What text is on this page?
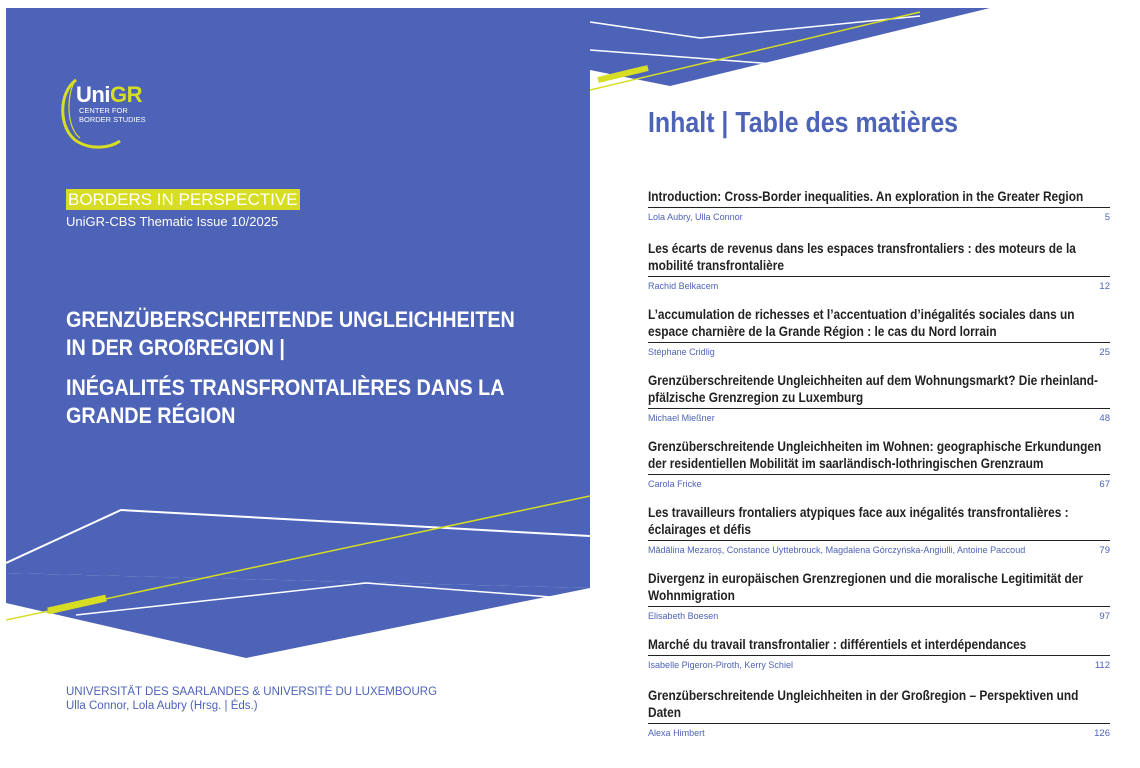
UniGR
CENTER FOR
BORDER STUDIES
BORDERS IN PERSPECTIVE
UniGR-CBS Thematic Issue 10/2025

GRENZÜBERSCHREITENDE UNGLEICHHEITEN IN DER GROßREGION |

INÉGALITÉS TRANSFRONTALIÈRES DANS LA GRANDE RÉGION

UNIVERSITÄT DES SAARLANDES & UNIVERSITÉ DU LUXEMBOURG
Ulla Connor, Lola Aubry (Hrsg. | Éds.)
Inhalt | Table des matières
Introduction: Cross-Border inequalities. An exploration in the Greater Region
Lola Aubry, Ulla Connor	5
Les écarts de revenus dans les espaces transfrontaliers : des moteurs de la mobilité transfrontalière
Rachid Belkacem	12
L’accumulation de richesses et l’accentuation d’inégalités sociales dans un espace charnière de la Grande Région : le cas du Nord lorrain
Stéphane Cridlig	25
Grenzüberschreitende Ungleichheiten auf dem Wohnungsmarkt? Die rheinland-pfälzische Grenzregion zu Luxemburg
Michael Mießner	48
Grenzüberschreitende Ungleichheiten im Wohnen: geographische Erkundungen der residentiellen Mobilität im saarländisch-lothringischen Grenzraum
Carola Fricke	67
Les travailleurs frontaliers atypiques face aux inégalités transfrontalières : éclairages et défis
Mădălina Mezaroș, Constance Uyttebrouck, Magdalena Górczyńska-Angiulli, Antoine Paccoud	79
Divergenz in europäischen Grenzregionen und die moralische Legitimität der Wohnmigration
Elisabeth Boesen	97
Marché du travail transfrontalier : différentiels et interdépendances
Isabelle Pigeron-Piroth, Kerry Schiel	112
Grenzüberschreitende Ungleichheiten in der Großregion – Perspektiven und Daten
Alexa Himbert	126
